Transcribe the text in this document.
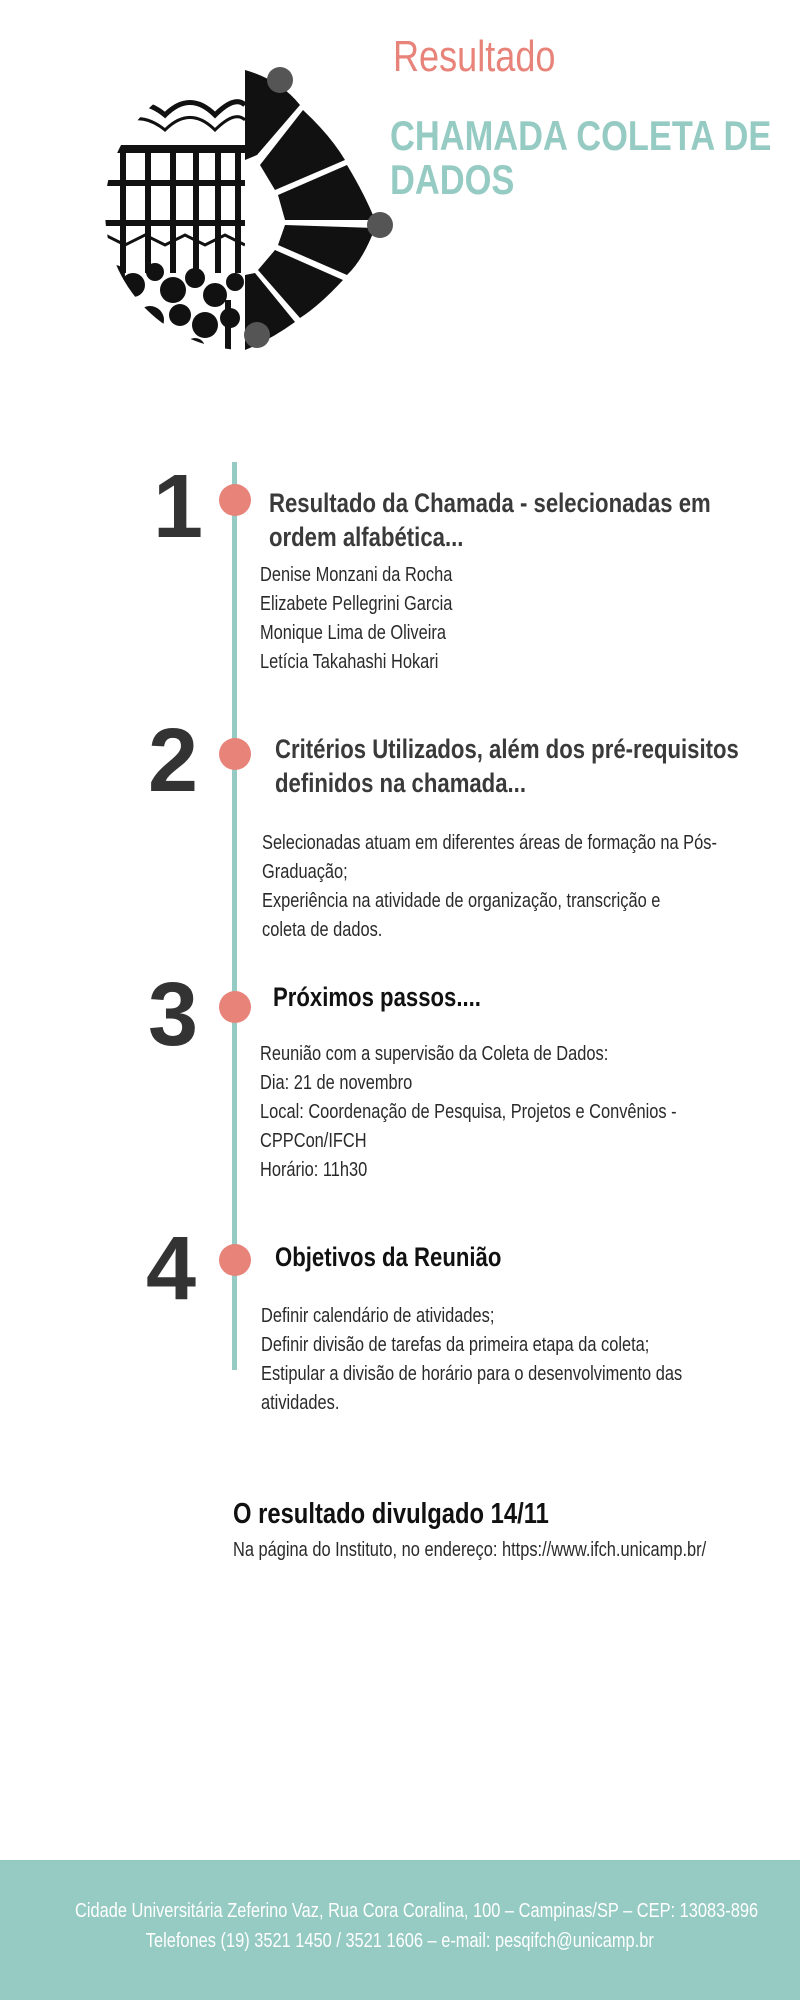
Resultado
CHAMADA COLETA DE
DADOS
1 Resultado da Chamada - selecionadas em
ordem alfabética...
Denise Monzani da Rocha
Elizabete Pellegrini Garcia
Monique Lima de Oliveira
Letícia Takahashi Hokari
2	Critérios Utilizados, além dos pré-requisitos
definidos na chamada...
Selecionadas atuam em diferentes áreas de formação na Pós-
Graduação;
Experiência na atividade de organização, transcrição e
coleta de dados.
3	Próximos passos....
Reunião com a supervisão da Coleta de Dados:
Dia: 21 de novembro
Local: Coordenação de Pesquisa, Projetos e Convênios -
CPPCon/IFCH
Horário: 11h30
4	Objetivos da Reunião
Definir calendário de atividades;
Definir divisão de tarefas da primeira etapa da coleta;
Estipular a divisão de horário para o desenvolvimento das
atividades.
O resultado divulgado 14/11
Na página do Instituto, no endereço: https://www.ifch.unicamp.br/
Cidade Universitária Zeferino Vaz, Rua Cora Coralina, 100 – Campinas/SP – CEP: 13083-896
Telefones (19) 3521 1450 / 3521 1606 – e-mail: pesqifch@unicamp.br
